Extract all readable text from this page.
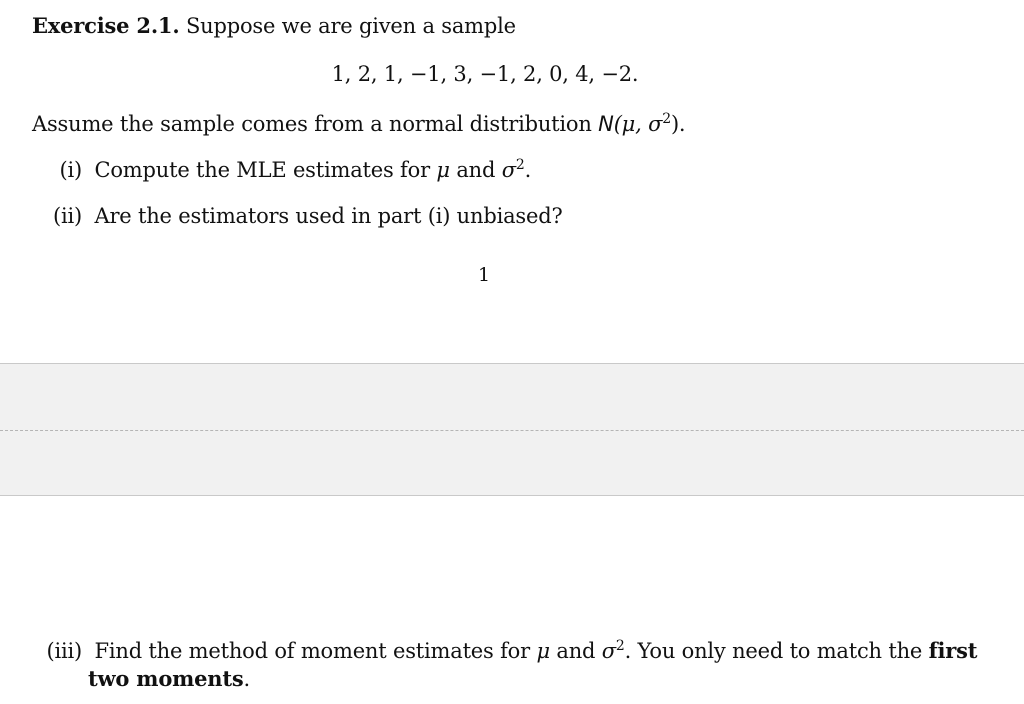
Exercise 2.1. Suppose we are given a sample
1, 2, 1, −1, 3, −1, 2, 0, 4, −2.
Assume the sample comes from a normal distribution N(μ, $\sigma^2$).
(i) Compute the MLE estimates for μ and $\sigma^2$.
(ii) Are the estimators used in part (i) unbiased?
1
(iii) Find the method of moment estimates for μ and $\sigma^2$. You only need to match the first
two moments.
